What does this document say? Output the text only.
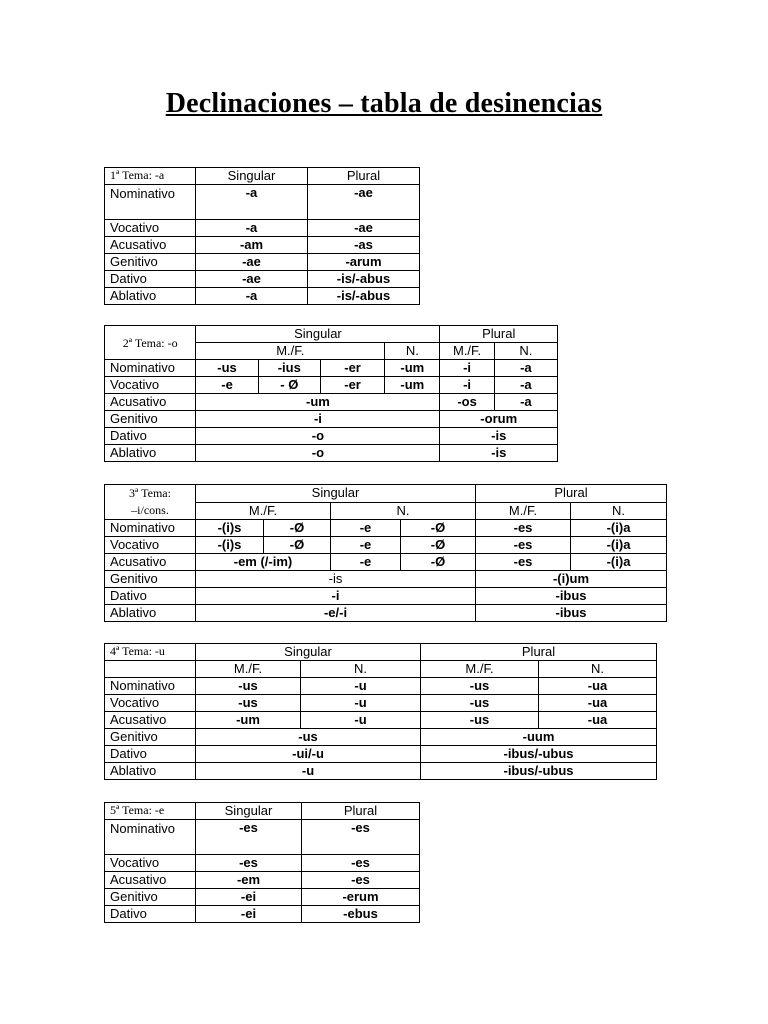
Declinaciones – tabla de desinencias
1ª Tema: -a	Singular	Plural
Nominativo	-a	-ae
Vocativo	-a	-ae
Acusativo	-am	-as
Genitivo	-ae	-arum
Dativo	-ae	-is/-abus
Ablativo	-a	-is/-abus
2ª Tema: -o	Singular				Plural	
	M./F.			N.	M./F.	N.
Nominativo	-us	-ius	-er	-um	-i	-a
Vocativo	-e	- Ø	-er	-um	-i	-a
Acusativo	-um				-os	-a
Genitivo	-i				-orum	
Dativo	-o				-is	
Ablativo	-o				-is	
3ª Tema:
–i/cons.	Singular				Plural	
	M./F.		N.		M./F.	N.
Nominativo	-(i)s	-Ø	-e	-Ø	-es	-(i)a
Vocativo	-(i)s	-Ø	-e	-Ø	-es	-(i)a
Acusativo	-em (/-im)		-e	-Ø	-es	-(i)a
Genitivo	-is				-(i)um	
Dativo	-i				-ibus	
Ablativo	-e/-i				-ibus	
4ª Tema: -u	Singular		Plural	
	M./F.	N.	M./F.	N.
Nominativo	-us	-u	-us	-ua
Vocativo	-us	-u	-us	-ua
Acusativo	-um	-u	-us	-ua
Genitivo	-us		-uum	
Dativo	-ui/-u		-ibus/-ubus	
Ablativo	-u		-ibus/-ubus	
5ª Tema: -e	Singular	Plural
Nominativo	-es	-es
Vocativo	-es	-es
Acusativo	-em	-es
Genitivo	-ei	-erum
Dativo	-ei	-ebus
